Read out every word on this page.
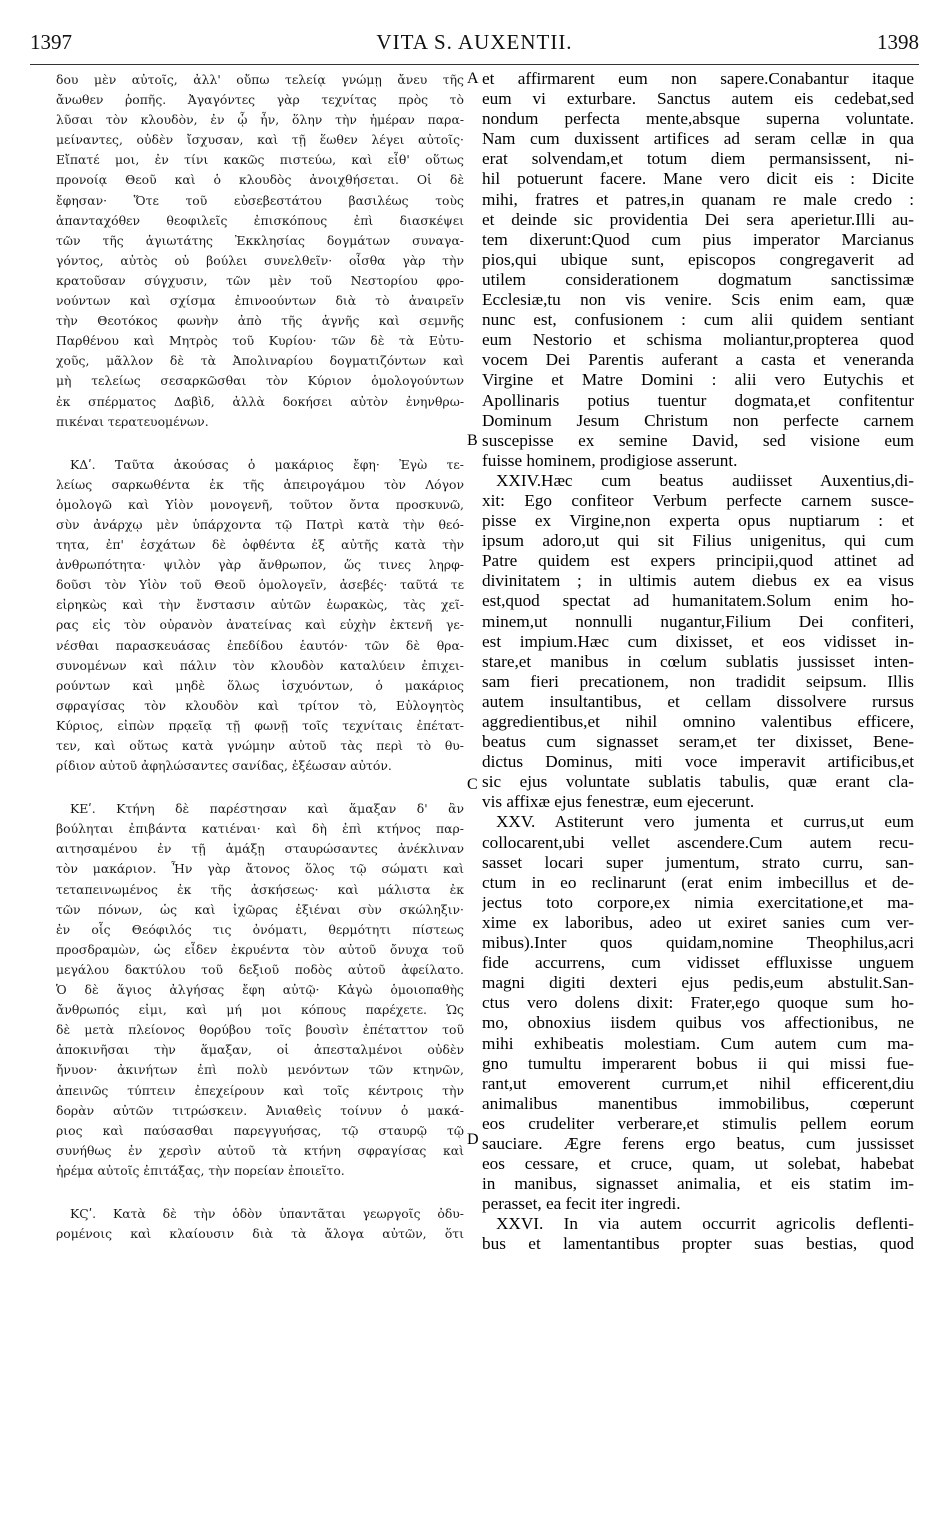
1397	VITA S. AUXENTII.	1398
δου μὲν αὐτοῖς, ἀλλ' οὔπω τελείᾳ γνώμῃ ἄνευ τῆς
ἄνωθεν ῥοπῆς. Ἀγαγόντες γὰρ τεχνίτας πρὸς τὸ
λῦσαι τὸν κλουδὸν, ἐν ᾧ ἦν, ὅλην τὴν ἡμέραν παρα-
μείναντες, οὐδὲν ἴσχυσαν, καὶ τῇ ἕωθεν λέγει αὐτοῖς·
Εἴπατέ μοι, ἐν τίνι κακῶς πιστεύω, καὶ εἶθ' οὕτως
προνοίᾳ Θεοῦ καὶ ὁ κλουδὸς ἀνοιχθήσεται. Οἱ δὲ
ἔφησαν· Ὅτε τοῦ εὐσεβεστάτου βασιλέως τοὺς
ἁπανταχόθεν θεοφιλεῖς ἐπισκόπους ἐπὶ διασκέψει
τῶν τῆς ἁγιωτάτης Ἐκκλησίας δογμάτων συναγα-
γόντος, αὐτὸς οὐ βούλει συνελθεῖν· οἶσθα γὰρ τὴν
κρατοῦσαν σύγχυσιν, τῶν μὲν τοῦ Νεστορίου φρο-
νούντων καὶ σχίσμα ἐπινοούντων διὰ τὸ ἀναιρεῖν
τὴν Θεοτόκος φωνὴν ἀπὸ τῆς ἁγνῆς καὶ σεμνῆς
Παρθένου καὶ Μητρὸς τοῦ Κυρίου· τῶν δὲ τὰ Εὐτυ-
χοῦς, μᾶλλον δὲ τὰ Ἀπολιναρίου δογματιζόντων καὶ
μὴ τελείως σεσαρκῶσθαι τὸν Κύριον ὁμολογούντων
ἐκ σπέρματος Δαβὶδ, ἀλλὰ δοκήσει αὐτὸν ἐνηνθρω-
πικέναι τερατευομένων.
ΚΔʹ. Ταῦτα ἀκούσας ὁ μακάριος ἔφη· Ἐγὼ τε-
λείως σαρκωθέντα ἐκ τῆς ἀπειρογάμου τὸν Λόγον
ὁμολογῶ καὶ Υἱὸν μονογενῆ, τοῦτον ὄντα προσκυνῶ,
σὺν ἀνάρχῳ μὲν ὑπάρχοντα τῷ Πατρὶ κατὰ τὴν θεό-
τητα, ἐπ' ἐσχάτων δὲ ὀφθέντα ἐξ αὐτῆς κατὰ τὴν
ἀνθρωπότητα· ψιλὸν γὰρ ἄνθρωπον, ὥς τινες ληρφ-
δοῦσι τὸν Υἱὸν τοῦ Θεοῦ ὁμολογεῖν, ἀσεβές· ταῦτά τε
εἰρηκὼς καὶ τὴν ἔνστασιν αὐτῶν ἑωρακὼς, τὰς χεῖ-
ρας εἰς τὸν οὐρανὸν ἀνατείνας καὶ εὐχὴν ἐκτενῆ γε-
νέσθαι παρασκευάσας ἐπεδίδου ἑαυτόν· τῶν δὲ θρα-
συνομένων καὶ πάλιν τὸν κλουδὸν καταλύειν ἐπιχει-
ρούντων καὶ μηδὲ ὅλως ἰσχυόντων, ὁ μακάριος
σφραγίσας τὸν κλουδὸν καὶ τρίτον τὸ, Εὐλογητὸς
Κύριος, εἰπὼν πρᾳεῖᾳ τῇ φωνῇ τοῖς τεχνίταις ἐπέτατ-
τεν, καὶ οὕτως κατὰ γνώμην αὐτοῦ τὰς περὶ τὸ θυ-
ρίδιον αὐτοῦ ἀφηλώσαντες σανίδας, ἐξέωσαν αὐτόν.
ΚΕʹ. Κτήνη δὲ παρέστησαν καὶ ἅμαξαν δ' ἂν
βούληται ἐπιβάντα κατιέναι· καὶ δὴ ἐπὶ κτήνος παρ-
αιτησαμένου ἐν τῇ ἁμάξῃ σταυρώσαντες ἀνέκλιναν
τὸν μακάριον. Ἦν γὰρ ἄτονος ὅλος τῷ σώματι καὶ
τεταπεινωμένος ἐκ τῆς ἀσκήσεως· καὶ μάλιστα ἐκ
τῶν πόνων, ὡς καὶ ἰχῶρας ἐξιέναι σὺν σκώληξιν·
ἐν οἷς Θεόφιλός τις ὀνόματι, θερμότητι πίστεως
προσδραμὼν, ὡς εἶδεν ἐκρυέντα τὸν αὐτοῦ ὄνυχα τοῦ
μεγάλου δακτύλου τοῦ δεξιοῦ ποδὸς αὐτοῦ ἀφείλατο.
Ὁ δὲ ἅγιος ἀλγήσας ἔφη αὐτῷ· Κἀγὼ ὁμοιοπαθὴς
ἄνθρωπός εἰμι, καὶ μή μοι κόπους παρέχετε. Ὡς
δὲ μετὰ πλείονος θορύβου τοῖς βουσὶν ἐπέταττον τοῦ
ἀποκινῆσαι τὴν ἅμαξαν, οἱ ἀπεσταλμένοι οὐδὲν
ἤνυον· ἀκινήτων ἐπὶ πολὺ μενόντων τῶν κτηνῶν,
ἀπεινῶς τύπτειν ἐπεχείρουν καὶ τοῖς κέντροις τὴν
δορὰν αὐτῶν τιτρώσκειν. Ἀνιαθεὶς τοίνυν ὁ μακά-
ριος καὶ παύσασθαι παρεγγυήσας, τῷ σταυρῷ τῷ
συνήθως ἐν χερσὶν αὐτοῦ τὰ κτήνη σφραγίσας καὶ
ἠρέμα αὐτοῖς ἐπιτάξας, τὴν πορείαν ἐποιεῖτο.
ΚϚʹ. Κατὰ δὲ τὴν ὁδὸν ὑπαντᾶται γεωργοῖς ὀδυ-
ρομένοις καὶ κλαίουσιν διὰ τὰ ἄλογα αὐτῶν, ὅτι
et affirmarent eum non sapere.Conabantur itaque
eum vi exturbare. Sanctus autem eis cedebat,sed
nondum perfecta mente,absque superna voluntate.
Nam cum duxissent artifices ad seram cellæ in qua
erat solvendam,et totum diem permansissent, ni-
hil potuerunt facere. Mane vero dicit eis : Dicite
mihi, fratres et patres,in quanam re male credo :
et deinde sic providentia Dei sera aperietur.Illi au-
tem dixerunt:Quod cum pius imperator Marcianus
pios,qui ubique sunt, episcopos congregaverit ad
utilem considerationem dogmatum sanctissimæ
Ecclesiæ,tu non vis venire. Scis enim eam, quæ
nunc est, confusionem : cum alii quidem sentiant
eum Nestorio et schisma moliantur,propterea quod
vocem Dei Parentis auferant a casta et veneranda
Virgine et Matre Domini : alii vero Eutychis et
Apollinaris potius tuentur dogmata,et confitentur
Dominum Jesum Christum non perfecte carnem
suscepisse ex semine David, sed visione eum
fuisse hominem, prodigiose asserunt.
XXIV.Hæc cum beatus audiisset Auxentius,di-
xit: Ego confiteor Verbum perfecte carnem susce-
pisse ex Virgine,non experta opus nuptiarum : et
ipsum adoro,ut qui sit Filius unigenitus, qui cum
Patre quidem est expers principii,quod attinet ad
divinitatem ; in ultimis autem diebus ex ea visus
est,quod spectat ad humanitatem.Solum enim ho-
minem,ut nonnulli nugantur,Filium Dei confiteri,
est impium.Hæc cum dixisset, et eos vidisset in-
stare,et manibus in cœlum sublatis jussisset inten-
sam fieri precationem, non tradidit seipsum. Illis
autem insultantibus, et cellam dissolvere rursus
aggredientibus,et nihil omnino valentibus efficere,
beatus cum signasset seram,et ter dixisset, Bene-
dictus Dominus, miti voce imperavit artificibus,et
sic ejus voluntate sublatis tabulis, quæ erant cla-
vis affixæ ejus fenestræ, eum ejecerunt.
XXV. Astiterunt vero jumenta et currus,ut eum
collocarent,ubi vellet ascendere.Cum autem recu-
sasset locari super jumentum, strato curru, san-
ctum in eo reclinarunt (erat enim imbecillus et de-
jectus toto corpore,ex nimia exercitatione,et ma-
xime ex laboribus, adeo ut exiret sanies cum ver-
mibus).Inter quos quidam,nomine Theophilus,acri
fide accurrens, cum vidisset effluxisse unguem
magni digiti dexteri ejus pedis,eum abstulit.San-
ctus vero dolens dixit: Frater,ego quoque sum ho-
mo, obnoxius iisdem quibus vos affectionibus, ne
mihi exhibeatis molestiam. Cum autem cum ma-
gno tumultu imperarent bobus ii qui missi fue-
rant,ut emoverent currum,et nihil efficerent,diu
animalibus manentibus immobilibus, cœperunt
eos crudeliter verberare,et stimulis pellem eorum
sauciare. Ægre ferens ergo beatus, cum jussisset
eos cessare, et cruce, quam, ut solebat, habebat
in manibus, signasset animalia, et eis statim im-
perasset, ea fecit iter ingredi.
XXVI. In via autem occurrit agricolis deflenti-
bus et lamentantibus propter suas bestias, quod
A
B
C
D
